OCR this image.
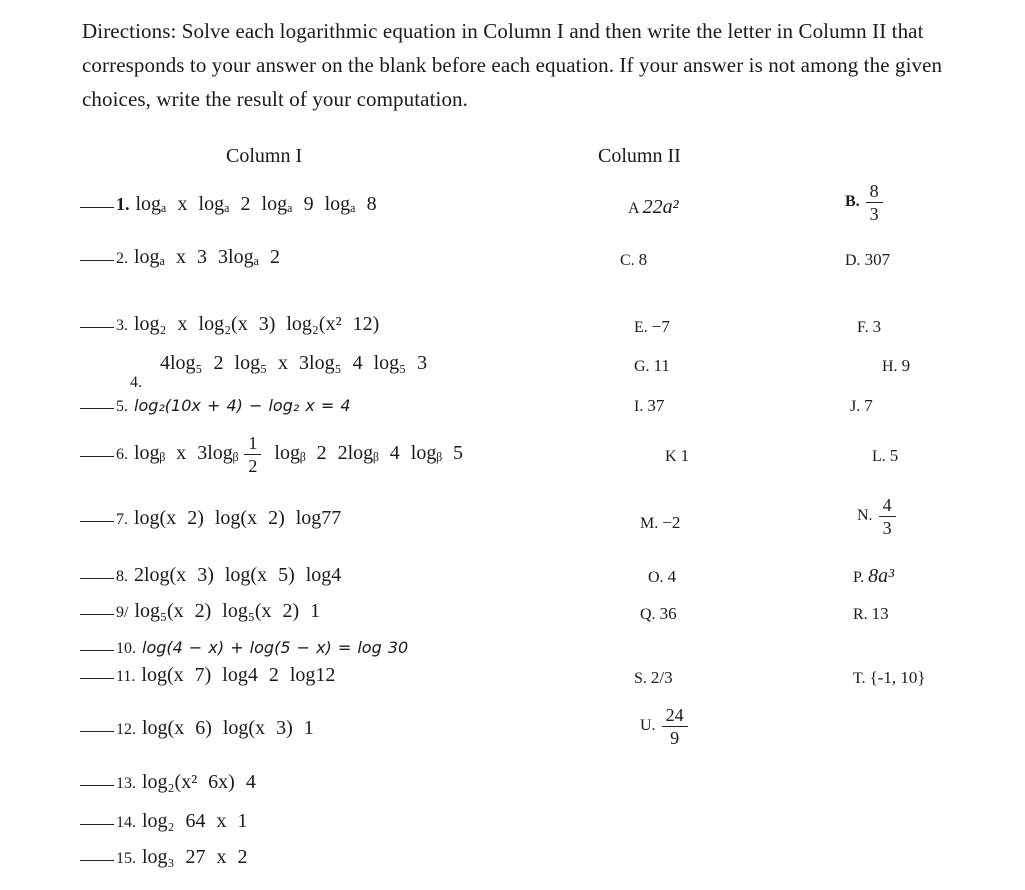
Directions: Solve each logarithmic equation in Column I and then write the letter in Column II that corresponds to your answer on the blank before each equation. If your answer is not among the given choices, write the result of your computation.
Column I	Column II
1. logₐ x logₐ 2 logₐ 9 logₐ 8
2. logₐ x 3 3logₐ 2
3. log₂ x log₂(x 3) log₂(x² 12)
4log₅ 2 log₅ x 3log₅ 4 log₅ 3
4.
5. log₂(10x + 4) − log₂ x = 4
6. logᵦ x 3logᵦ $\frac{1}{2}$ logᵦ 2 2logᵦ 4 logᵦ 5
7. log(x 2) log(x 2) log77
8. 2log(x 3) log(x 5) log4
9/ log₅(x 2) log₅(x 2) 1
10. log(4 − x) + log(5 − x) = log 30
11. log(x 7) log4 2 log12
12. log(x 6) log(x 3) 1
13. log₂(x² 6x) 4
14. log₂ 64 x 1
15. log₃ 27 x 2
A 22a²	B. $\frac{8}{3}$
C. 8	D. 307
E. −7	F. 3
G. 11	H. 9
I. 37	J. 7
K 1	L. 5
M. −2	N. $\frac{4}{3}$
O. 4	P. 8a³
Q. 36	R. 13
S. 2/3	T. {-1, 10}
U. $\frac{24}{9}$
